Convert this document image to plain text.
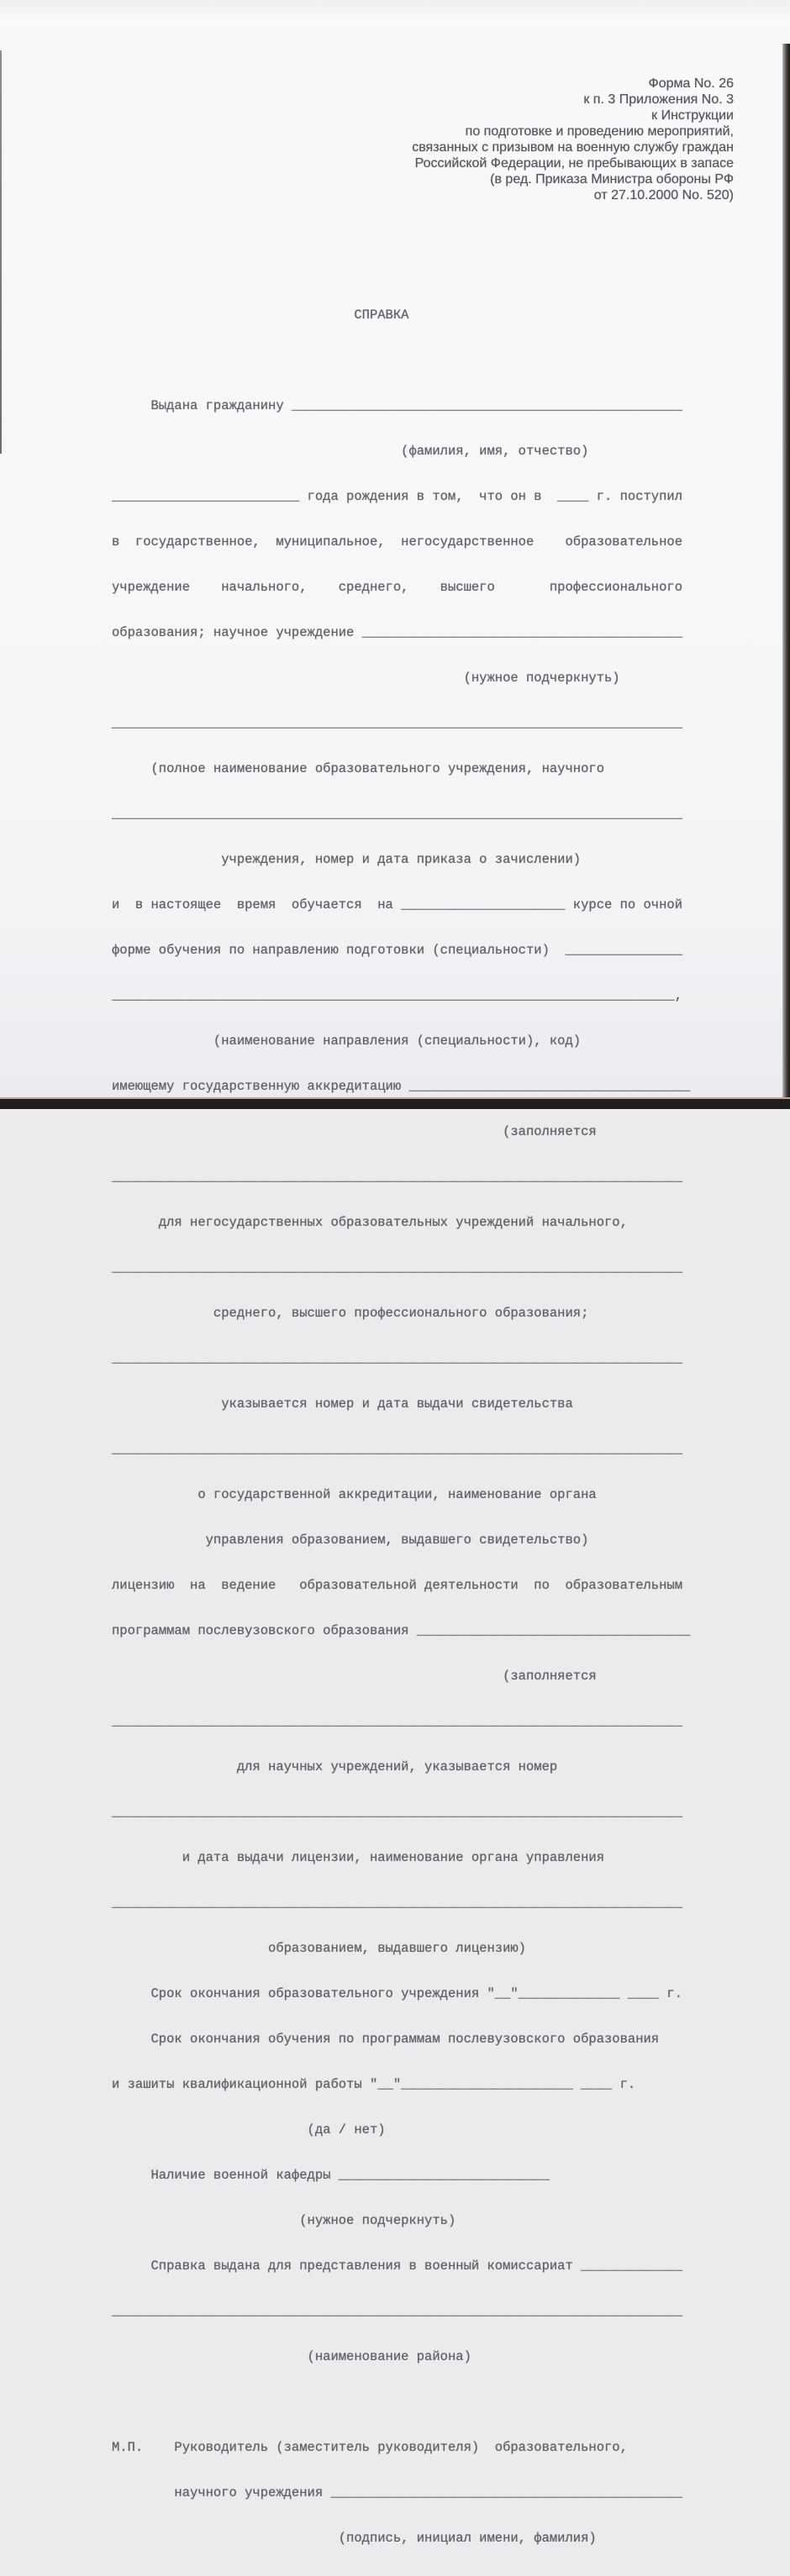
Форма No. 26
к п. 3 Приложения No. 3
к Инструкции
по подготовке и проведению мероприятий,
связанных с призывом на военную службу граждан
Российской Федерации, не пребывающих в запасе
(в ред. Приказа Министра обороны РФ
от 27.10.2000 No. 520)

СПРАВКА

Выдана гражданину __________________________________________________

(фамилия, имя, отчество)

________________________ года рождения в том,  что он в  ____ г. поступил

в  государственное,  муниципальное,  негосударственное    образовательное

учреждение    начального,    среднего,    высшего       профессионального

образования; научное учреждение _________________________________________

(нужное подчеркнуть)

_________________________________________________________________________

(полное наименование образовательного учреждения, научного

_________________________________________________________________________

учреждения, номер и дата приказа о зачислении)

и  в настоящее  время  обучается  на _____________________ курсе по очной

форме обучения по направлению подготовки (специальности)  _______________

________________________________________________________________________,

(наименование направления (специальности), код)

имеющему государственную аккредитацию ____________________________________

(заполняется

_________________________________________________________________________

для негосударственных образовательных учреждений начального,

_________________________________________________________________________

среднего, высшего профессионального образования;

_________________________________________________________________________

указывается номер и дата выдачи свидетельства

_________________________________________________________________________

о государственной аккредитации, наименование органа

управления образованием, выдавшего свидетельство)

лицензию  на  ведение   образовательной деятельности  по  образовательным

программам послевузовского образования ___________________________________

(заполняется

_________________________________________________________________________

для научных учреждений, указывается номер

_________________________________________________________________________

и дата выдачи лицензии, наименование органа управления

_________________________________________________________________________

образованием, выдавшего лицензию)

Срок окончания образовательного учреждения "__"_____________ ____ г.

Срок окончания обучения по программам послевузовского образования

и зашиты квалификационной работы "__"______________________ ____ г.

(да / нет)

Наличие военной кафедры ___________________________

(нужное подчеркнуть)

Справка выдана для представления в военный комиссариат _____________

_________________________________________________________________________

(наименование района)

М.П.    Руководитель (заместитель руководителя)  образовательного,

научного учреждения _____________________________________________

(подпись, инициал имени, фамилия)
